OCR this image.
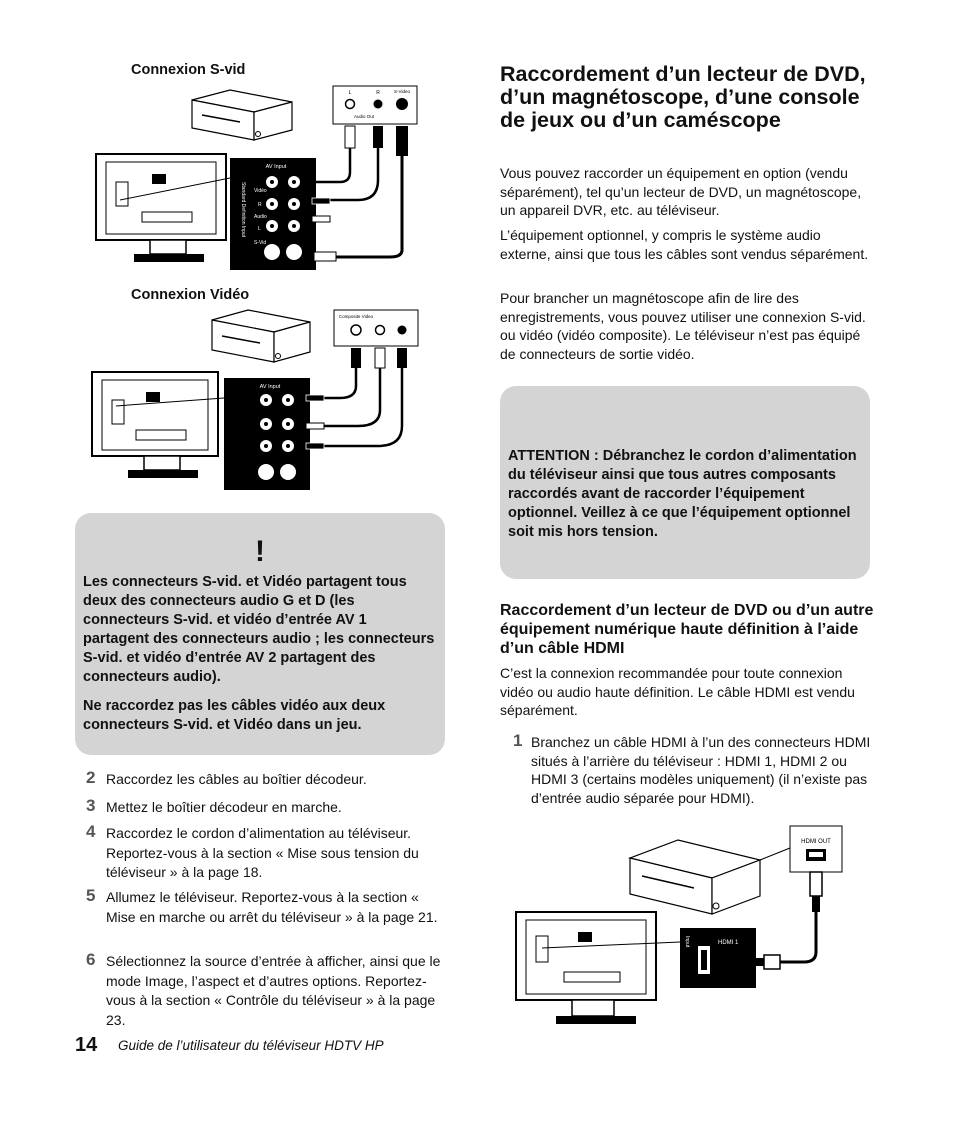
Connexion S-vid
L	R	S-Video
Audio Out
AV Input
Standard Definition Input Vidéo
R
Audio
L
S-Vid
Connexion Vidéo
Composite Video
AV Input
!
Les connecteurs S-vid. et Vidéo partagent tous deux des connecteurs audio G et D (les connecteurs S-vid. et vidéo d’entrée AV 1 partagent des connecteurs audio ; les connecteurs S-vid. et vidéo d’entrée AV 2 partagent des connecteurs audio).
Ne raccordez pas les câbles vidéo aux deux connecteurs S-vid. et Vidéo dans un jeu.
2 Raccordez les câbles au boîtier décodeur.
3 Mettez le boîtier décodeur en marche.
4 Raccordez le cordon d’alimentation au téléviseur. Reportez-vous à la section « Mise sous tension du téléviseur » à la page 18.
5 Allumez le téléviseur. Reportez-vous à la section « Mise en marche ou arrêt du téléviseur » à la page 21.
6 Sélectionnez la source d’entrée à afficher, ainsi que le mode Image, l’aspect et d’autres options. Reportez-vous à la section « Contrôle du téléviseur » à la page 23.
14 Guide de l’utilisateur du téléviseur HDTV HP
Raccordement d’un lecteur de DVD, d’un magnétoscope, d’une console de jeux ou d’un caméscope
Vous pouvez raccorder un équipement en option (vendu séparément), tel qu’un lecteur de DVD, un magnétoscope, un appareil DVR, etc. au téléviseur.
L’équipement optionnel, y compris le système audio externe, ainsi que tous les câbles sont vendus séparément.
Pour brancher un magnétoscope afin de lire des enregistrements, vous pouvez utiliser une connexion S-vid. ou vidéo (vidéo composite). Le téléviseur n’est pas équipé de connecteurs de sortie vidéo.
ATTENTION : Débranchez le cordon d’alimentation du téléviseur ainsi que tous autres composants raccordés avant de raccorder l’équipement optionnel. Veillez à ce que l’équipement optionnel soit mis hors tension.
Raccordement d’un lecteur de DVD ou d’un autre équipement numérique haute définition à l’aide d’un câble HDMI
C’est la connexion recommandée pour toute connexion vidéo ou audio haute définition. Le câble HDMI est vendu séparément.
1 Branchez un câble HDMI à l’un des connecteurs HDMI situés à l’arrière du téléviseur : HDMI 1, HDMI 2 ou HDMI 3 (certains modèles uniquement) (il n’existe pas d’entrée audio séparée pour HDMI).
HDMI OUT
Input	HDMI 1
